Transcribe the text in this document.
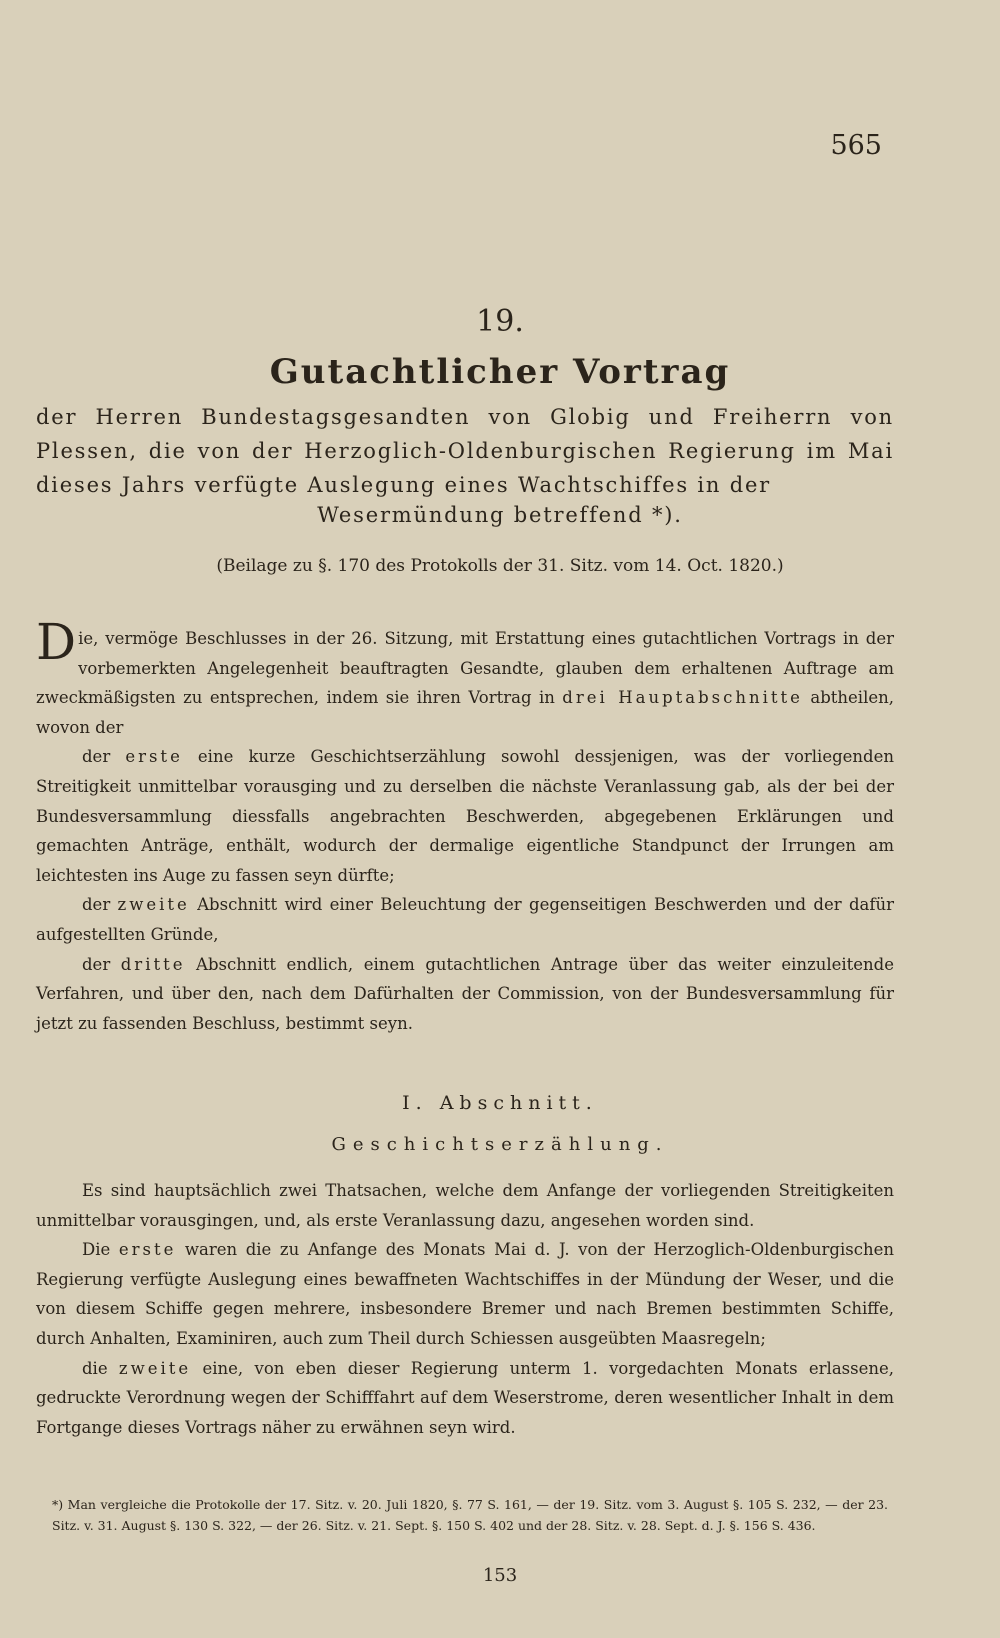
565
19.
Gutachtlicher Vortrag
der Herren Bundestagsgesandten von Globig und Freiherrn von Plessen, die von der Herzoglich-Oldenburgischen Regierung im Mai dieses Jahrs verfügte Auslegung eines Wachtschiffes in der
Wesermündung betreffend *).
(Beilage zu §. 170 des Protokolls der 31. Sitz. vom 14. Oct. 1820.)

Die, vermöge Beschlusses in der 26. Sitzung, mit Erstattung eines gutachtlichen Vortrags in der vorbemerkten Angelegenheit beauftragten Gesandte, glauben dem erhaltenen Auftrage am zweckmäßigsten zu entsprechen, indem sie ihren Vortrag in drei Hauptabschnitte abtheilen, wovon der

der erste eine kurze Geschichtserzählung sowohl dessjenigen, was der vorliegenden Streitigkeit unmittelbar vorausging und zu derselben die nächste Veranlassung gab, als der bei der Bundesversammlung diessfalls angebrachten Beschwerden, abgegebenen Erklärungen und gemachten Anträge, enthält, wodurch der dermalige eigentliche Standpunct der Irrungen am leichtesten ins Auge zu fassen seyn dürfte;

der zweite Abschnitt wird einer Beleuchtung der gegenseitigen Beschwerden und der dafür aufgestellten Gründe,

der dritte Abschnitt endlich, einem gutachtlichen Antrage über das weiter einzuleitende Verfahren, und über den, nach dem Dafürhalten der Commission, von der Bundesversammlung für jetzt zu fassenden Beschluss, bestimmt seyn.

I. Abschnitt.
Geschichtserzählung.

Es sind hauptsächlich zwei Thatsachen, welche dem Anfange der vorliegenden Streitigkeiten unmittelbar vorausgingen, und, als erste Veranlassung dazu, angesehen worden sind.

Die erste waren die zu Anfange des Monats Mai d. J. von der Herzoglich-Oldenburgischen Regierung verfügte Auslegung eines bewaffneten Wachtschiffes in der Mündung der Weser, und die von diesem Schiffe gegen mehrere, insbesondere Bremer und nach Bremen bestimmten Schiffe, durch Anhalten, Examiniren, auch zum Theil durch Schiessen ausgeübten Maasregeln;

die zweite eine, von eben dieser Regierung unterm 1. vorgedachten Monats erlassene, gedruckte Verordnung wegen der Schifffahrt auf dem Weserstrome, deren wesentlicher Inhalt in dem Fortgange dieses Vortrags näher zu erwähnen seyn wird.

*) Man vergleiche die Protokolle der 17. Sitz. v. 20. Juli 1820, §. 77 S. 161, — der 19. Sitz. vom 3. August §. 105 S. 232, — der 23. Sitz. v. 31. August §. 130 S. 322, — der 26. Sitz. v. 21. Sept. §. 150 S. 402 und der 28. Sitz. v. 28. Sept. d. J. §. 156 S. 436.
153
